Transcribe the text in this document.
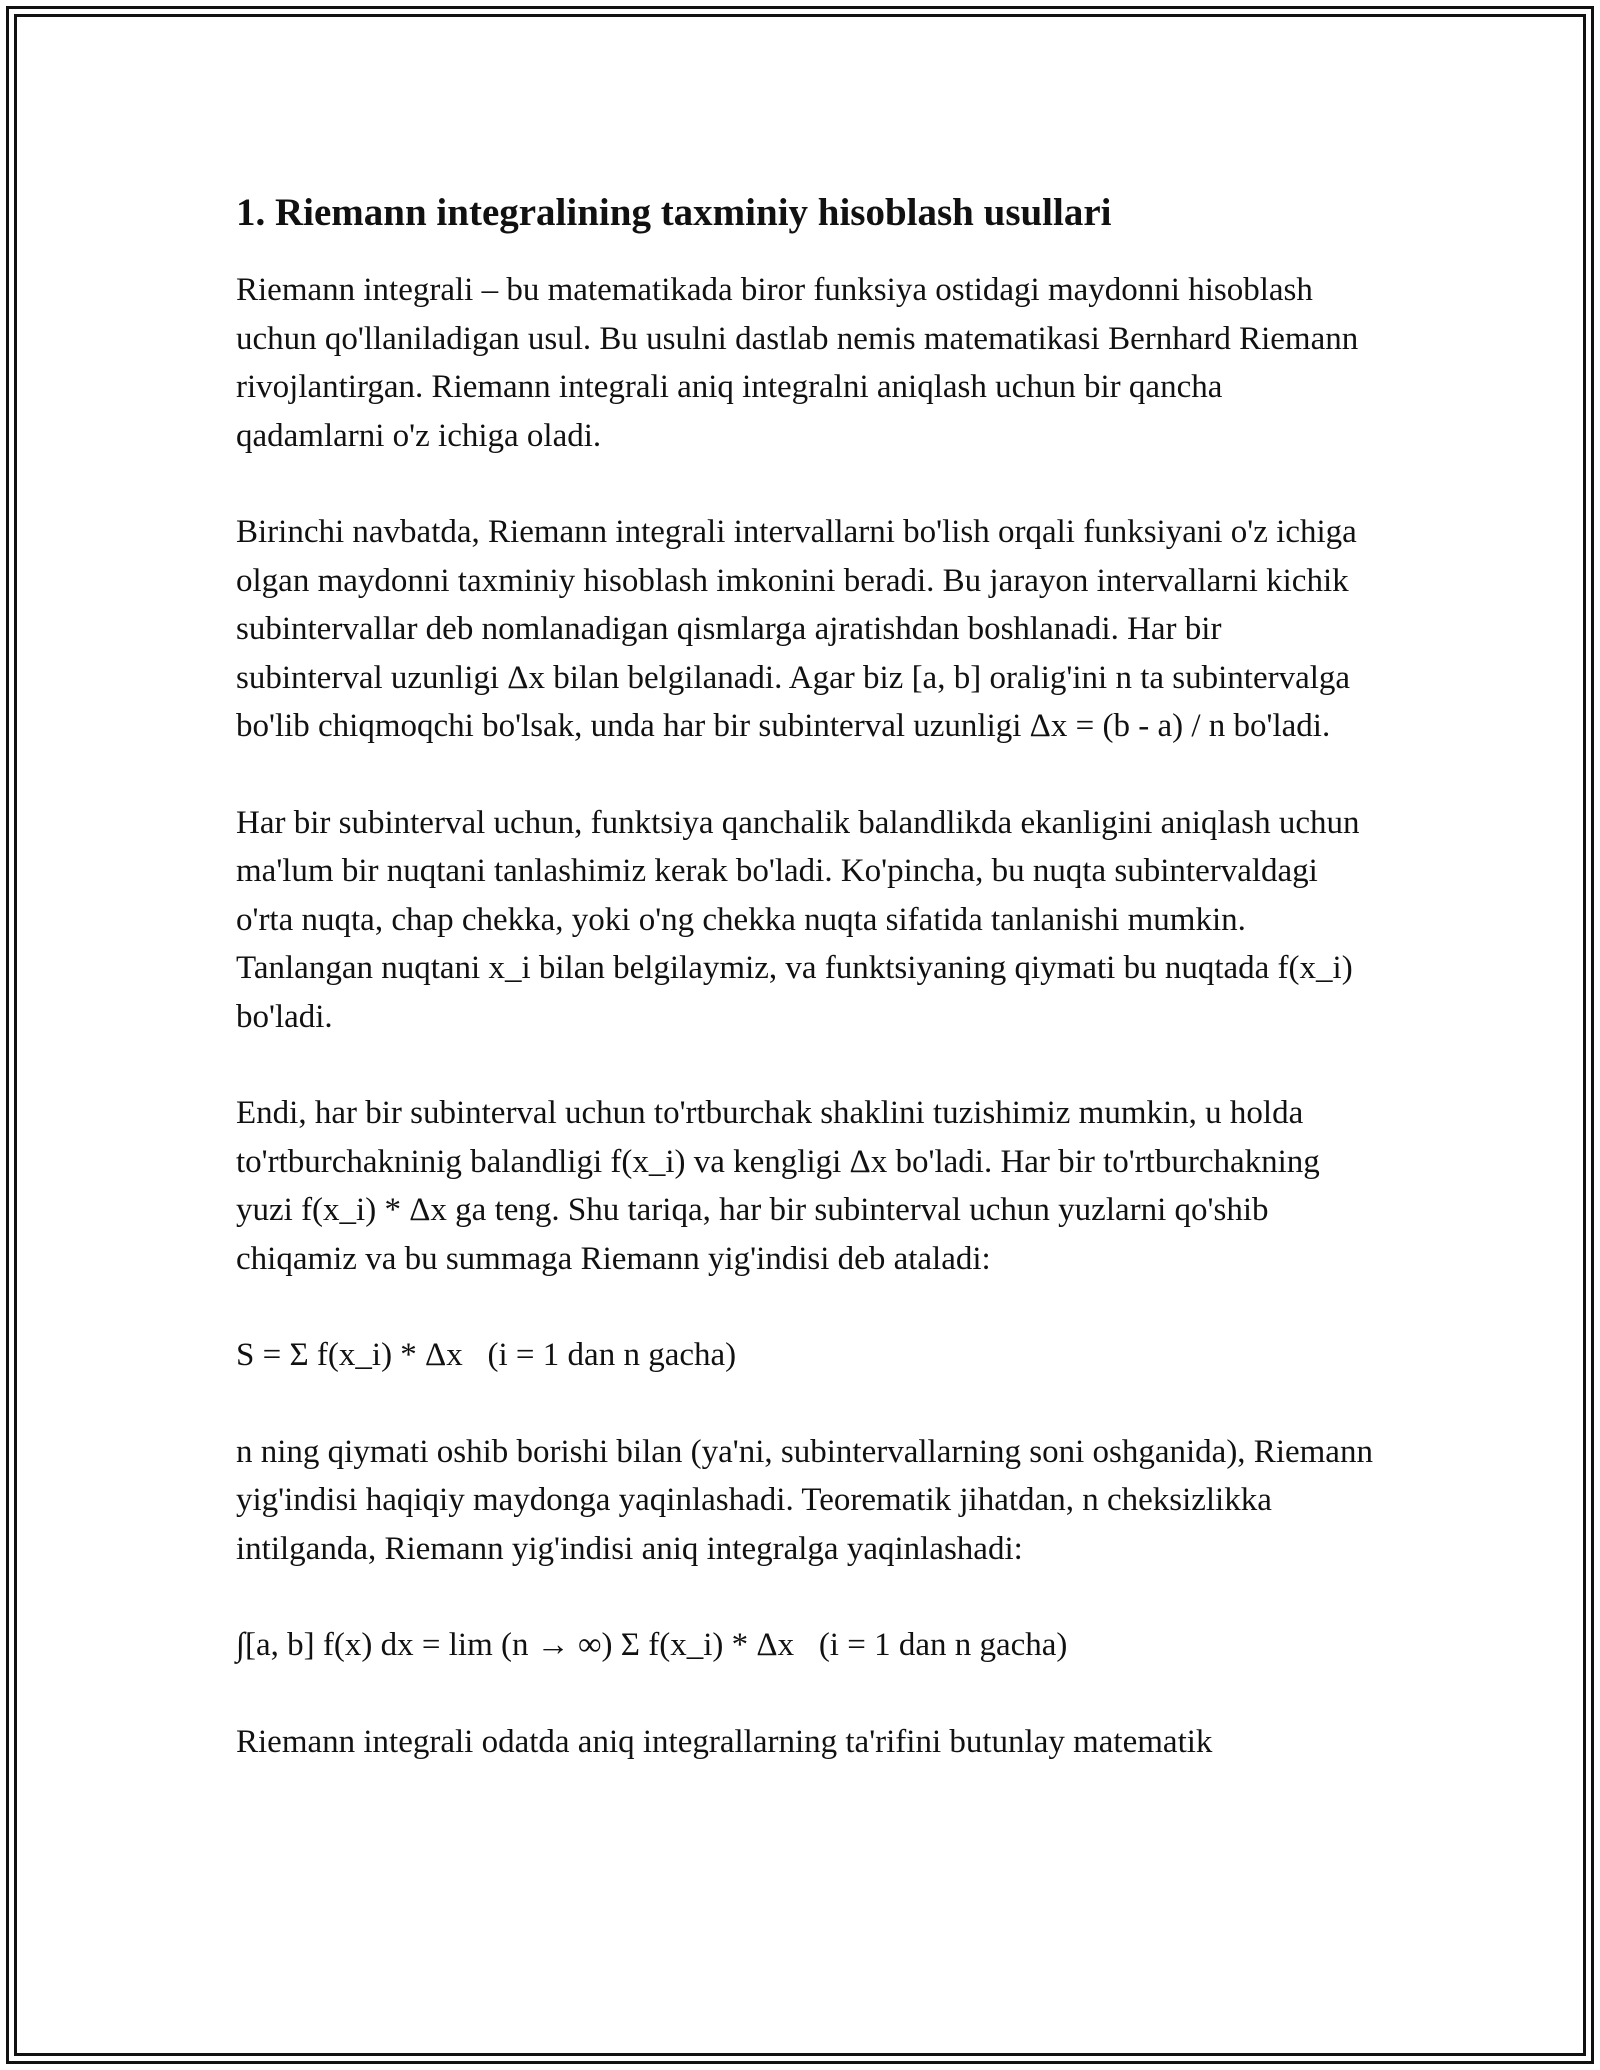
1. Riemann integralining taxminiy hisoblash usullari

Riemann integrali – bu matematikada biror funksiya ostidagi maydonni hisoblash uchun qo'llaniladigan usul. Bu usulni dastlab nemis matematikasi Bernhard Riemann rivojlantirgan. Riemann integrali aniq integralni aniqlash uchun bir qancha qadamlarni o'z ichiga oladi.

Birinchi navbatda, Riemann integrali intervallarni bo'lish orqali funksiyani o'z ichiga olgan maydonni taxminiy hisoblash imkonini beradi. Bu jarayon intervallarni kichik subintervallar deb nomlanadigan qismlarga ajratishdan boshlanadi. Har bir subinterval uzunligi Δx bilan belgilanadi. Agar biz [a, b] oralig'ini n ta subintervalga bo'lib chiqmoqchi bo'lsak, unda har bir subinterval uzunligi Δx = (b - a) / n bo'ladi.

Har bir subinterval uchun, funktsiya qanchalik balandlikda ekanligini aniqlash uchun ma'lum bir nuqtani tanlashimiz kerak bo'ladi. Ko'pincha, bu nuqta subintervaldagi o'rta nuqta, chap chekka, yoki o'ng chekka nuqta sifatida tanlanishi mumkin. Tanlangan nuqtani x_i bilan belgilaymiz, va funktsiyaning qiymati bu nuqtada f(x_i) bo'ladi.

Endi, har bir subinterval uchun to'rtburchak shaklini tuzishimiz mumkin, u holda to'rtburchakninig balandligi f(x_i) va kengligi Δx bo'ladi. Har bir to'rtburchakning yuzi f(x_i) * Δx ga teng. Shu tariqa, har bir subinterval uchun yuzlarni qo'shib chiqamiz va bu summaga Riemann yig'indisi deb ataladi:

S = Σ f(x_i) * Δx   (i = 1 dan n gacha)

n ning qiymati oshib borishi bilan (ya'ni, subintervallarning soni oshganida), Riemann yig'indisi haqiqiy maydonga yaqinlashadi. Teorematik jihatdan, n cheksizlikka intilganda, Riemann yig'indisi aniq integralga yaqinlashadi:

∫[a, b] f(x) dx = lim (n → ∞) Σ f(x_i) * Δx   (i = 1 dan n gacha)

Riemann integrali odatda aniq integrallarning ta'rifini butunlay matematik
